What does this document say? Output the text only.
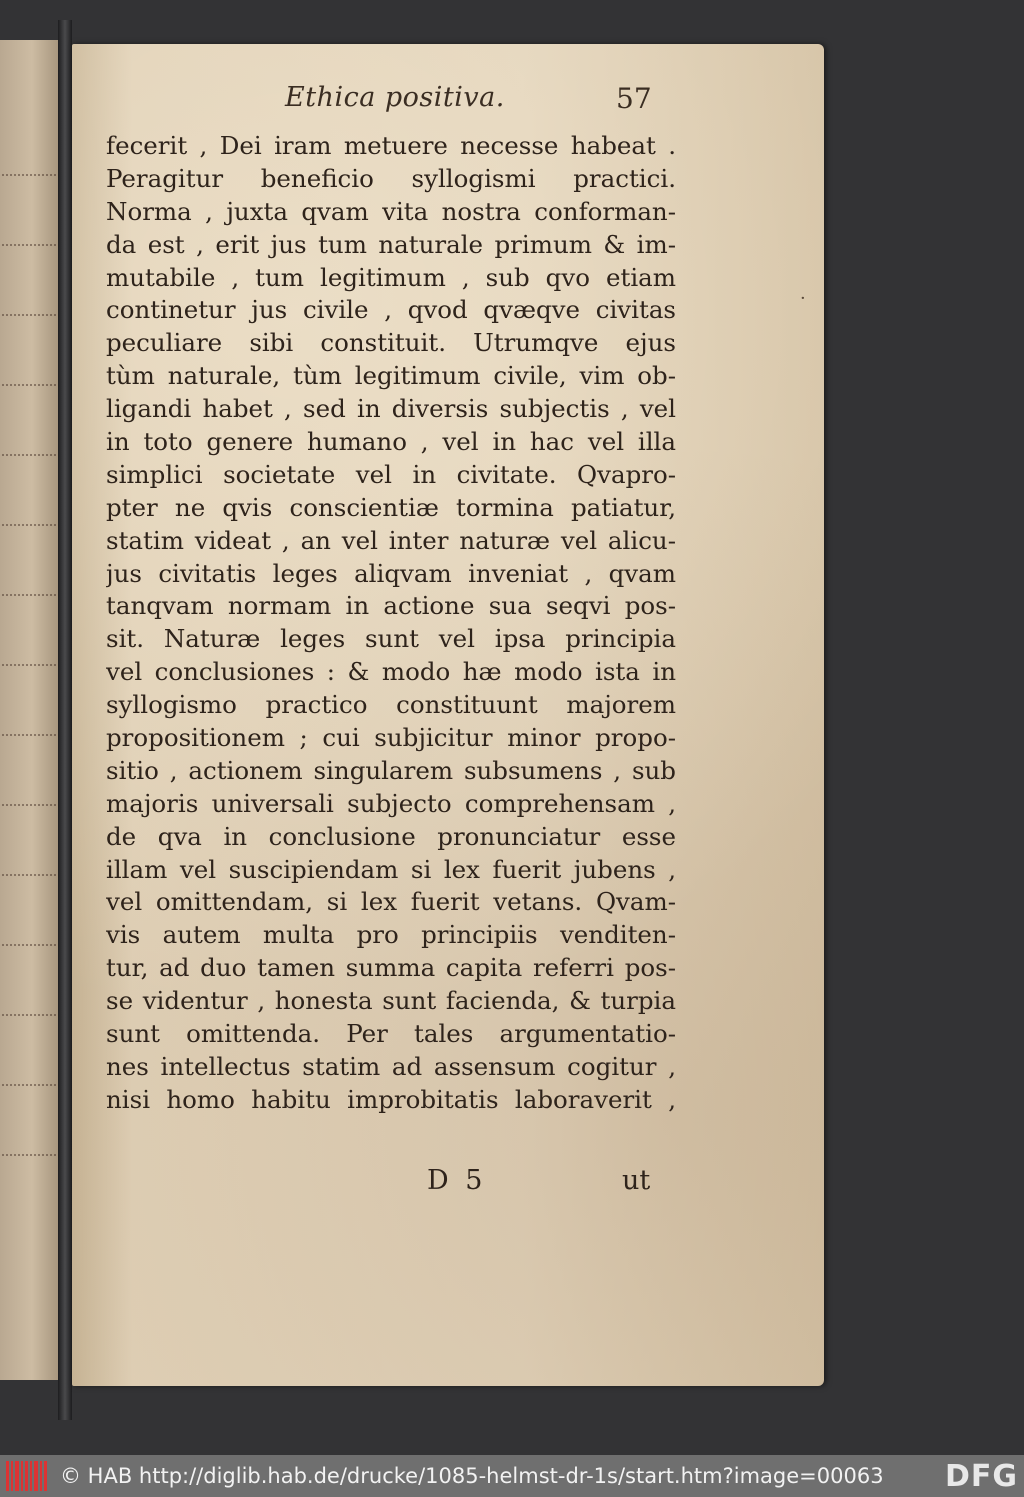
Ethica positiva.	57
·
fecerit , Dei iram metuere necesse habeat .
Peragitur beneficio syllogismi practici.
Norma , juxta qvam vita nostra conforman-
da est , erit jus tum naturale primum & im-
mutabile , tum legitimum , sub qvo etiam
continetur jus civile , qvod qvæqve civitas
peculiare sibi constituit. Utrumqve ejus
tùm naturale, tùm legitimum civile, vim ob-
ligandi habet , sed in diversis subjectis , vel
in toto genere humano , vel in hac vel illa
simplici societate vel in civitate. Qvapro-
pter ne qvis conscientiæ tormina patiatur,
statim videat , an vel inter naturæ vel alicu-
jus civitatis leges aliqvam inveniat , qvam
tanqvam normam in actione sua seqvi pos-
sit. Naturæ leges sunt vel ipsa principia
vel conclusiones : & modo hæ modo ista in
syllogismo practico constituunt majorem
propositionem ; cui subjicitur minor propo-
sitio , actionem singularem subsumens , sub
majoris universali subjecto comprehensam ,
de qva in conclusione pronunciatur esse
illam vel suscipiendam si lex fuerit jubens ,
vel omittendam, si lex fuerit vetans. Qvam-
vis autem multa pro principiis venditen-
tur, ad duo tamen summa capita referri pos-
se videntur , honesta sunt facienda, & turpia
sunt omittenda. Per tales argumentatio-
nes intellectus statim ad assensum cogitur ,
nisi homo habitu improbitatis laboraverit ,
D 5	ut
© HAB http://diglib.hab.de/drucke/1085-helmst-dr-1s/start.htm?image=00063 DFG
